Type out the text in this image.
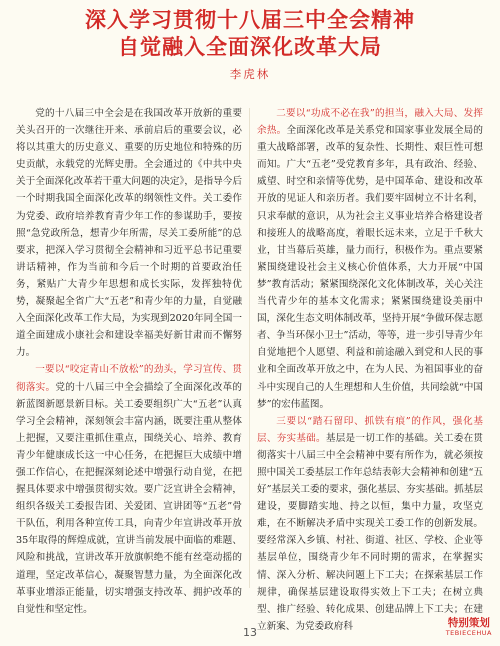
深入学习贯彻十八届三中全会精神
自觉融入全面深化改革大局
李虎林

党的十八届三中全会是在我国改革开放新的重要关头召开的一次继往开来、承前启后的重要会议，必将以其重大的历史意义、重要的历史地位和特殊的历史贡献，永载党的光辉史册。全会通过的《中共中央关于全面深化改革若干重大问题的决定》，是指导今后一个时期我国全面深化改革的纲领性文件。关工委作为党委、政府培养教育青少年工作的参谋助手，要按照“急党政所急，想青少年所需，尽关工委所能”的总要求，把深入学习贯彻全会精神和习近平总书记重要讲话精神，作为当前和今后一个时期的首要政治任务，紧贴广大青少年思想和成长实际，发挥独特优势，凝聚起全省广大“五老”和青少年的力量，自觉融入全面深化改革工作大局，为实现到2020年同全国一道全面建成小康社会和建设幸福美好新甘肃而不懈努力。

一要以“咬定青山不放松”的劲头，学习宣传、贯彻落实。党的十八届三中全会描绘了全面深化改革的新蓝图新愿景新目标。关工委要组织广大“五老”认真学习全会精神，深刻领会丰富内涵，既要注重从整体上把握，又要注重抓住重点，围绕关心、培养、教育青少年健康成长这一中心任务，在把握巨大成绩中增强工作信心，在把握深刻论述中增强行动自觉，在把握具体要求中增强贯彻实效。要广泛宣讲全会精神，组织各级关工委报告团、关爱团、宣讲团等“五老”骨干队伍，利用各种宣传工具，向青少年宣讲改革开放35年取得的辉煌成就，宣讲当前发展中面临的难题、风险和挑战，宣讲改革开放旗帜绝不能有丝毫动摇的道理，坚定改革信心，凝聚智慧力量，为全面深化改革事业增添正能量，切实增强支持改革、拥护改革的自觉性和坚定性。

二要以“功成不必在我”的担当，融入大局、发挥余热。全面深化改革是关系党和国家事业发展全局的重大战略部署，改革的复杂性、长期性、艰巨性可想而知。广大“五老”受党教育多年，具有政治、经验、威望、时空和亲情等优势，是中国革命、建设和改革开放的见证人和亲历者。我们要牢固树立不计名利，只求奉献的意识，从为社会主义事业培养合格建设者和接班人的战略高度，着眼长远未来，立足于千秋大业，甘当幕后英雄，量力而行，积极作为。重点要紧紧围绕建设社会主义核心价值体系，大力开展“中国梦”教育活动；紧紧围绕深化文化体制改革，关心关注当代青少年的基本文化需求；紧紧围绕建设美丽中国，深化生态文明体制改革，坚持开展“争做环保志愿者、争当环保小卫士”活动，等等，进一步引导青少年自觉地把个人愿望、利益和前途融入到党和人民的事业和全面改革开放之中，在为人民、为祖国事业的奋斗中实现自己的人生理想和人生价值，共同绘就“中国梦”的宏伟蓝图。

三要以“踏石留印、抓铁有痕”的作风，强化基层、夯实基础。基层是一切工作的基础。关工委在贯彻落实十八届三中全会精神中要有所作为，就必须按照中国关工委基层工作年总结表彰大会精神和创建“五好”基层关工委的要求，强化基层、夯实基础。抓基层建设，要脚踏实地、持之以恒，集中力量，攻坚克难，在不断解决矛盾中实现关工委工作的创新发展。要经常深入乡镇、村社、街道、社区、学校、企业等基层单位，围绕青少年不同时期的需求，在掌握实情、深入分析、解决问题上下工夫；在探索基层工作规律，确保基层建设取得实效上下工夫；在树立典型、推广经验、转化成果、创建品牌上下工夫；在建立新案、为党委政府科

13
特别策划
TEBIECEHUA
